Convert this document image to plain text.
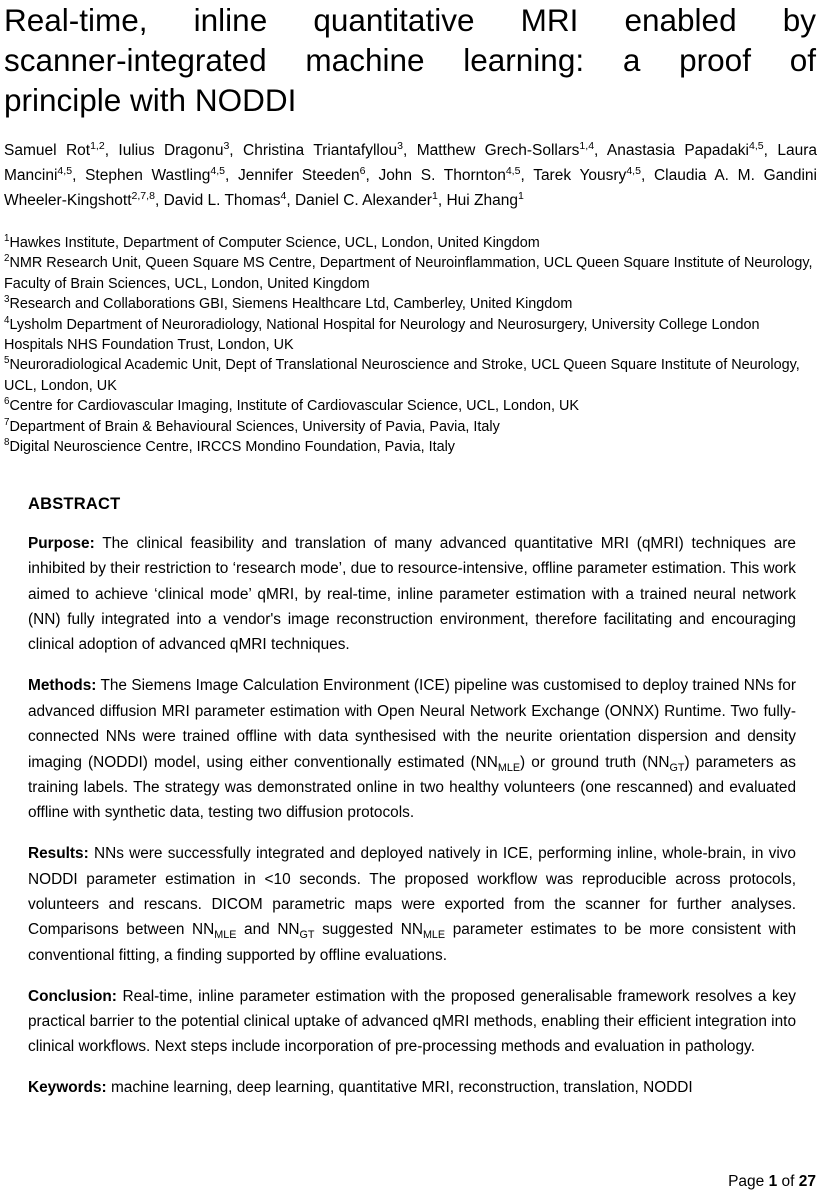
Real-time, inline quantitative MRI enabled by
scanner-integrated machine learning: a proof of
principle with NODDI
Samuel Rot$^{1,2}$, Iulius Dragonu$^3$, Christina Triantafyllou$^3$, Matthew Grech-Sollars$^{1,4}$, Anastasia Papadaki$^{4,5}$, Laura Mancini$^{4,5}$, Stephen Wastling$^{4,5}$, Jennifer Steeden$^6$, John S. Thornton$^{4,5}$, Tarek Yousry$^{4,5}$, Claudia A. M. Gandini Wheeler-Kingshott$^{2,7,8}$, David L. Thomas$^4$, Daniel C. Alexander$^1$, Hui Zhang$^1$
$^1$Hawkes Institute, Department of Computer Science, UCL, London, United Kingdom
$^2$NMR Research Unit, Queen Square MS Centre, Department of Neuroinflammation, UCL Queen Square Institute of Neurology, Faculty of Brain Sciences, UCL, London, United Kingdom
$^3$Research and Collaborations GBI, Siemens Healthcare Ltd, Camberley, United Kingdom
$^4$Lysholm Department of Neuroradiology, National Hospital for Neurology and Neurosurgery, University College London Hospitals NHS Foundation Trust, London, UK
$^5$Neuroradiological Academic Unit, Dept of Translational Neuroscience and Stroke, UCL Queen Square Institute of Neurology, UCL, London, UK
$^6$Centre for Cardiovascular Imaging, Institute of Cardiovascular Science, UCL, London, UK
$^7$Department of Brain & Behavioural Sciences, University of Pavia, Pavia, Italy
$^8$Digital Neuroscience Centre, IRCCS Mondino Foundation, Pavia, Italy
ABSTRACT

Purpose: The clinical feasibility and translation of many advanced quantitative MRI (qMRI) techniques are inhibited by their restriction to ‘research mode’, due to resource-intensive, offline parameter estimation. This work aimed to achieve ‘clinical mode’ qMRI, by real-time, inline parameter estimation with a trained neural network (NN) fully integrated into a vendor's image reconstruction environment, therefore facilitating and encouraging clinical adoption of advanced qMRI techniques.

Methods: The Siemens Image Calculation Environment (ICE) pipeline was customised to deploy trained NNs for advanced diffusion MRI parameter estimation with Open Neural Network Exchange (ONNX) Runtime. Two fully-connected NNs were trained offline with data synthesised with the neurite orientation dispersion and density imaging (NODDI) model, using either conventionally estimated $(NN_{MLE})$ or ground truth $(NN_{GT})$ parameters as training labels. The strategy was demonstrated online in two healthy volunteers (one rescanned) and evaluated offline with synthetic data, testing two diffusion protocols.

Results: NNs were successfully integrated and deployed natively in ICE, performing inline, whole-brain, in vivo NODDI parameter estimation in <10 seconds. The proposed workflow was reproducible across protocols, volunteers and rescans. DICOM parametric maps were exported from the scanner for further analyses. Comparisons between $NN_{MLE}$ and $NN_{GT}$ suggested $NN_{MLE}$ parameter estimates to be more consistent with conventional fitting, a finding supported by offline evaluations.

Conclusion: Real-time, inline parameter estimation with the proposed generalisable framework resolves a key practical barrier to the potential clinical uptake of advanced qMRI methods, enabling their efficient integration into clinical workflows. Next steps include incorporation of pre-processing methods and evaluation in pathology.

Keywords: machine learning, deep learning, quantitative MRI, reconstruction, translation, NODDI

Page 1 of 27
